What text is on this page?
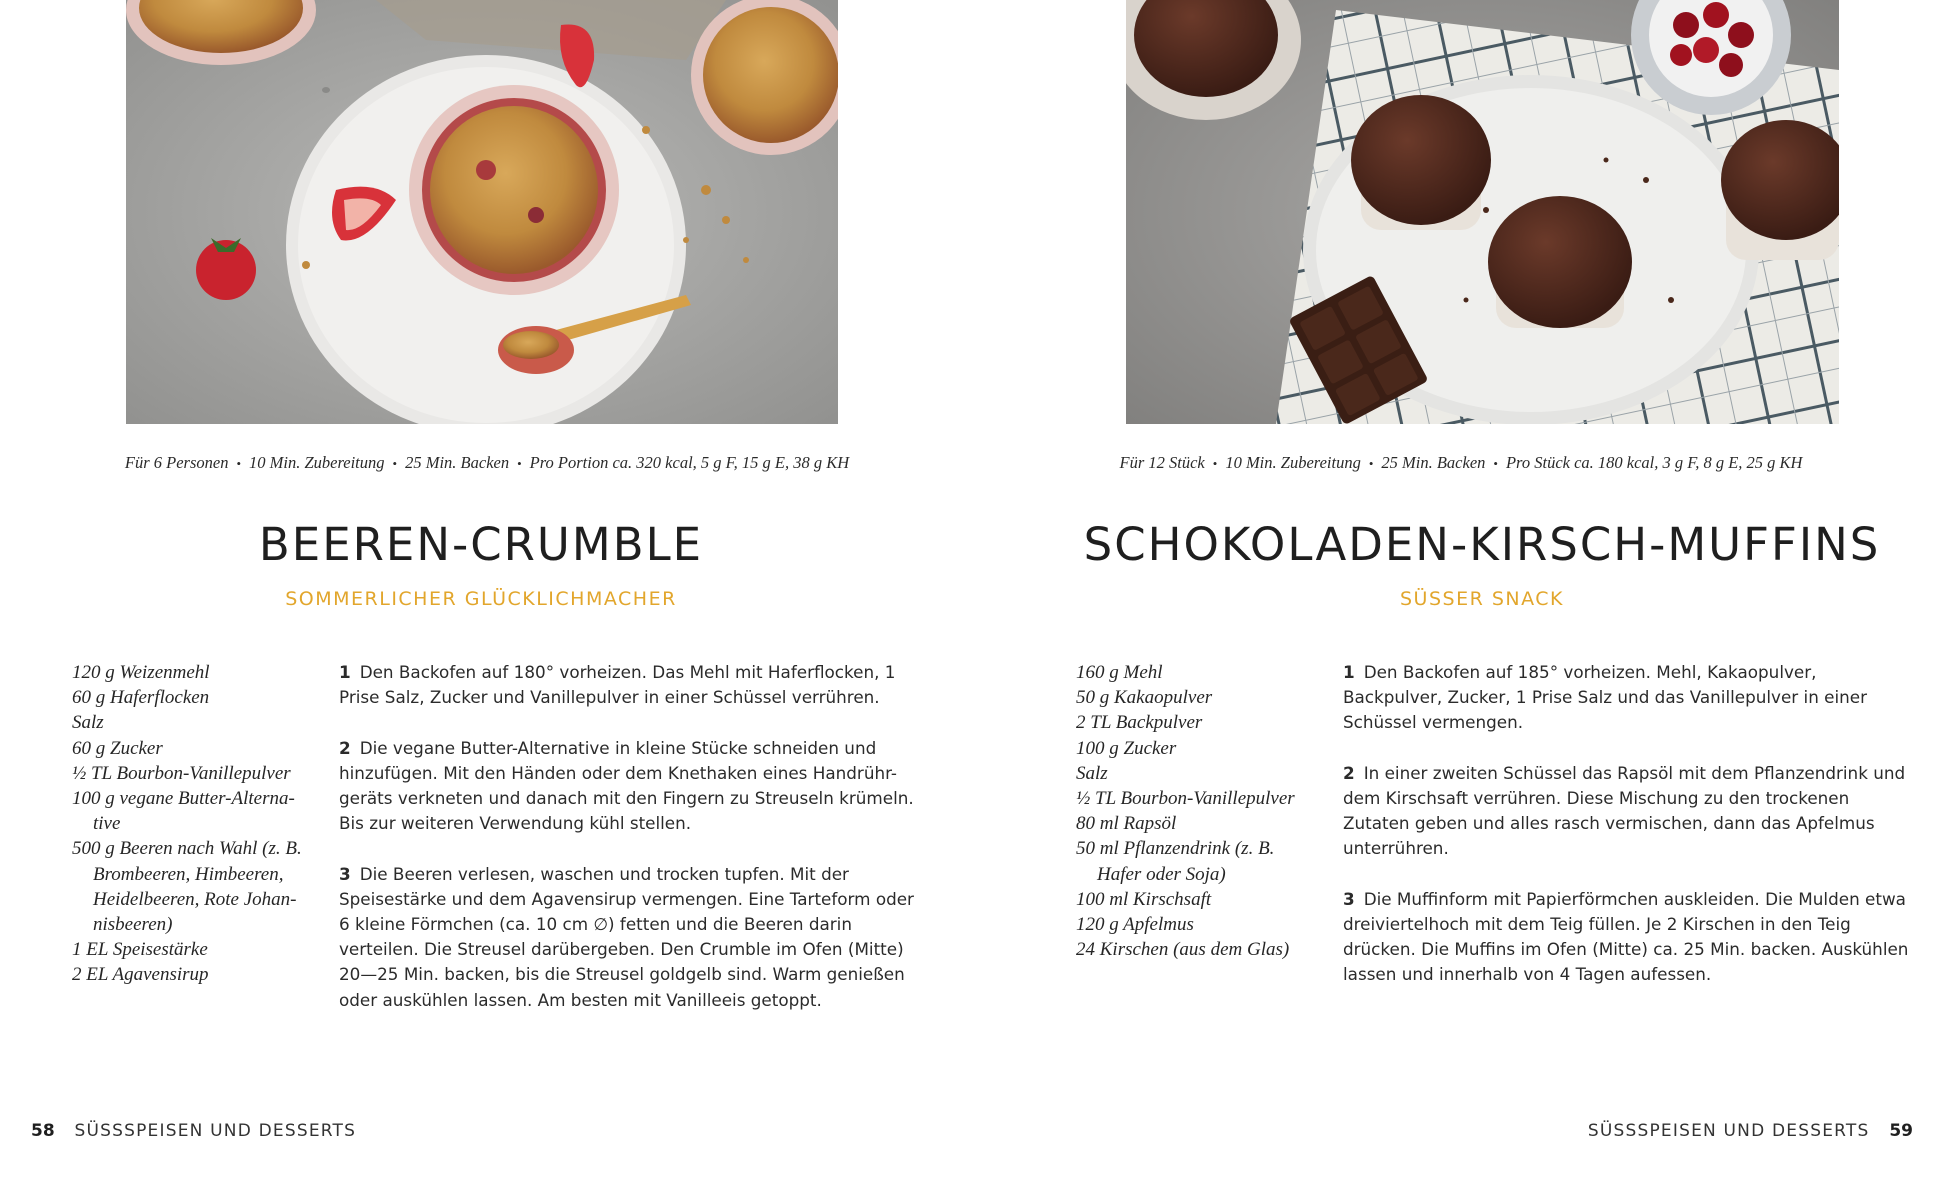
Für 6 Personen • 10 Min. Zubereitung • 25 Min. Backen • Pro Portion ca. 320 kcal, 5 g F, 15 g E, 38 g KH
BEEREN-CRUMBLE
SOMMERLICHER GLÜCKLICHMACHER
120 g Weizenmehl
60 g Haferflocken
Salz
60 g Zucker
½ TL Bourbon-Vanillepulver
100 g vegane Butter-Alterna-tive
500 g Beeren nach Wahl (z. B. Brombeeren, Himbeeren, Heidelbeeren, Rote Johan-nisbeeren)
1 EL Speisestärke
2 EL Agavensirup

1 Den Backofen auf 180° vorheizen. Das Mehl mit Haferflocken, 1 Prise Salz, Zucker und Vanillepulver in einer Schüssel verrühren.

2 Die vegane Butter-Alternative in kleine Stücke schneiden und hinzufügen. Mit den Händen oder dem Knethaken eines Handrühr-geräts verkneten und danach mit den Fingern zu Streuseln krümeln. Bis zur weiteren Verwendung kühl stellen.

3 Die Beeren verlesen, waschen und trocken tupfen. Mit der Speisestärke und dem Agavensirup vermengen. Eine Tarteform oder 6 kleine Förmchen (ca. 10 cm ∅) fetten und die Beeren darin verteilen. Die Streusel darübergeben. Den Crumble im Ofen (Mitte) 20—25 Min. backen, bis die Streusel goldgelb sind. Warm genießen oder auskühlen lassen. Am besten mit Vanilleeis getoppt.

58 SÜSSSPEISEN UND DESSERTS
Für 12 Stück • 10 Min. Zubereitung • 25 Min. Backen • Pro Stück ca. 180 kcal, 3 g F, 8 g E, 25 g KH
SCHOKOLADEN-KIRSCH-MUFFINS
SÜSSER SNACK
160 g Mehl
50 g Kakaopulver
2 TL Backpulver
100 g Zucker
Salz
½ TL Bourbon-Vanillepulver
80 ml Rapsöl
50 ml Pflanzendrink (z. B. Hafer oder Soja)
100 ml Kirschsaft
120 g Apfelmus
24 Kirschen (aus dem Glas)

1 Den Backofen auf 185° vorheizen. Mehl, Kakaopulver, Backpulver, Zucker, 1 Prise Salz und das Vanillepulver in einer Schüssel vermengen.

2 In einer zweiten Schüssel das Rapsöl mit dem Pflanzendrink und dem Kirschsaft verrühren. Diese Mischung zu den trockenen Zutaten geben und alles rasch vermischen, dann das Apfelmus unterrühren.

3 Die Muffinform mit Papierförmchen auskleiden. Die Mulden etwa dreiviertelhoch mit dem Teig füllen. Je 2 Kirschen in den Teig drücken. Die Muffins im Ofen (Mitte) ca. 25 Min. backen. Auskühlen lassen und innerhalb von 4 Tagen aufessen.

SÜSSSPEISEN UND DESSERTS 59
